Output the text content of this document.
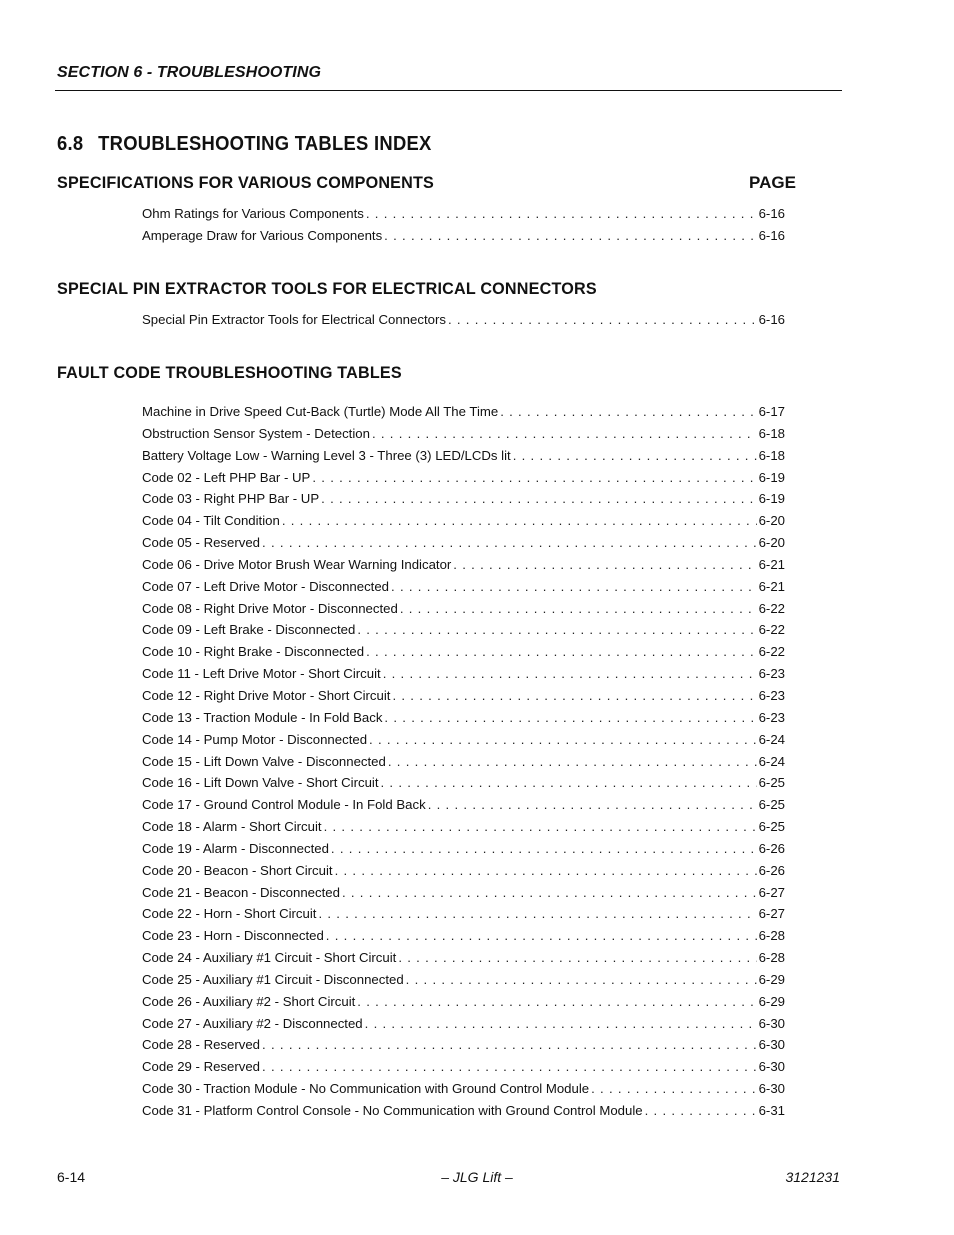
SECTION 6 - TROUBLESHOOTING
6.8 TROUBLESHOOTING TABLES INDEX
SPECIFICATIONS FOR VARIOUS COMPONENTS	PAGE
Ohm Ratings for Various Components . . .	6-16
Amperage Draw for Various Components . . .	6-16
SPECIAL PIN EXTRACTOR TOOLS FOR ELECTRICAL CONNECTORS
Special Pin Extractor Tools for Electrical Connectors . . .	6-16
FAULT CODE TROUBLESHOOTING TABLES
Machine in Drive Speed Cut-Back (Turtle) Mode All The Time . . .	6-17
Obstruction Sensor System - Detection . . .	6-18
Battery Voltage Low - Warning Level 3 - Three (3) LED/LCDs lit . . .	6-18
Code 02 - Left PHP Bar - UP . . .	6-19
Code 03 - Right PHP Bar - UP . . .	6-19
Code 04 - Tilt Condition . . .	6-20
Code 05 - Reserved . . .	6-20
Code 06 - Drive Motor Brush Wear Warning Indicator . . .	6-21
Code 07 - Left Drive Motor - Disconnected . . .	6-21
Code 08 - Right Drive Motor - Disconnected . . .	6-22
Code 09 - Left Brake - Disconnected . . .	6-22
Code 10 - Right Brake - Disconnected . . .	6-22
Code 11 - Left Drive Motor - Short Circuit . . .	6-23
Code 12 - Right Drive Motor - Short Circuit . . .	6-23
Code 13 - Traction Module - In Fold Back . . .	6-23
Code 14 - Pump Motor - Disconnected . . .	6-24
Code 15 - Lift Down Valve - Disconnected . . .	6-24
Code 16 - Lift Down Valve - Short Circuit . . .	6-25
Code 17 - Ground Control Module - In Fold Back . . .	6-25
Code 18 - Alarm - Short Circuit . . .	6-25
Code 19 - Alarm - Disconnected . . .	6-26
Code 20 - Beacon - Short Circuit . . .	6-26
Code 21 - Beacon - Disconnected . . .	6-27
Code 22 - Horn - Short Circuit . . .	6-27
Code 23 - Horn - Disconnected . . .	6-28
Code 24 - Auxiliary #1 Circuit - Short Circuit . . .	6-28
Code 25 - Auxiliary #1 Circuit - Disconnected . . .	6-29
Code 26 - Auxiliary #2 - Short Circuit . . .	6-29
Code 27 - Auxiliary #2 - Disconnected . . .	6-30
Code 28 - Reserved . . .	6-30
Code 29 - Reserved . . .	6-30
Code 30 - Traction Module - No Communication with Ground Control Module . . .	6-30
Code 31 - Platform Control Console - No Communication with Ground Control Module . . .	6-31
6-14	– JLG Lift –	3121231
